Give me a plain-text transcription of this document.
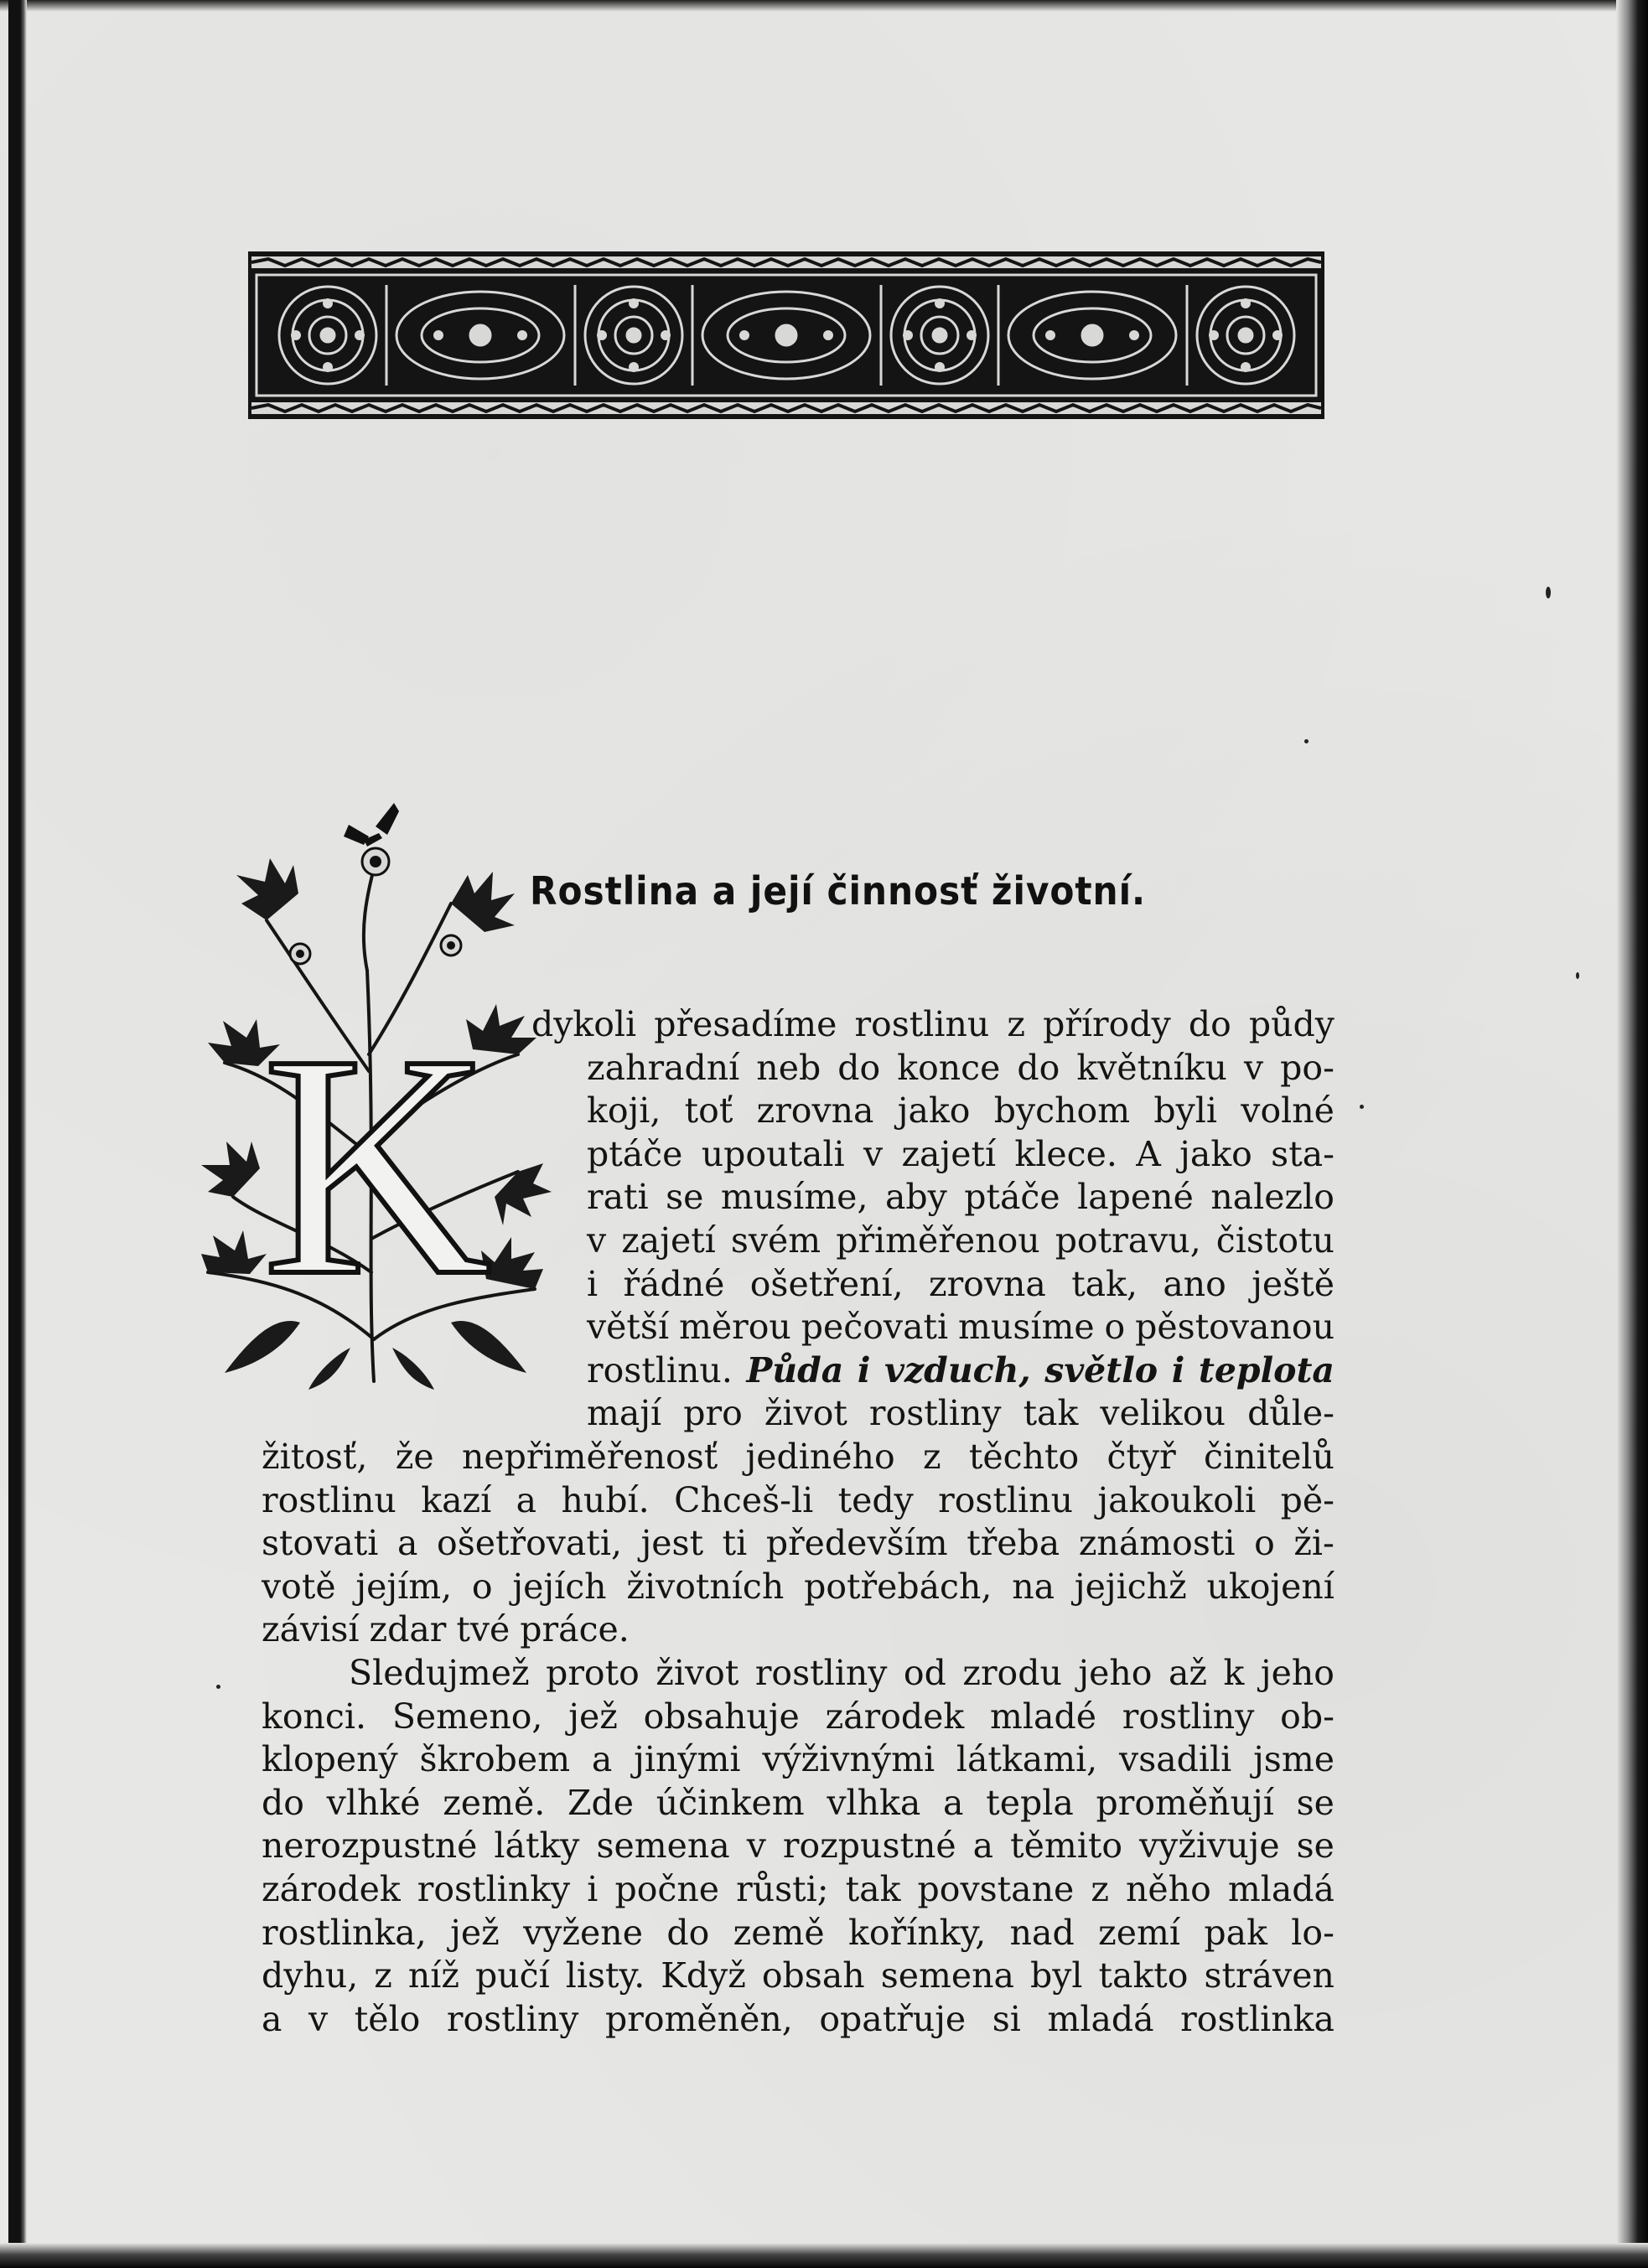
K
Rostlina a její činnosť životní.
dykoli přesadíme rostlinu z přírody do půdy
zahradní neb do konce do květníku v po-
koji, toť zrovna jako bychom byli volné
ptáče upoutali v zajetí klece. A jako sta-
rati se musíme, aby ptáče lapené nalezlo
v zajetí svém přiměřenou potravu, čistotu
i řádné ošetření, zrovna tak, ano ještě
větší měrou pečovati musíme o pěstovanou
rostlinu. Půda i vzduch, světlo i teplota
mají pro život rostliny tak velikou důle-
žitosť, že nepřiměřenosť jediného z těchto čtyř činitelů
rostlinu kazí a hubí. Chceš-li tedy rostlinu jakoukoli pě-
stovati a ošetřovati, jest ti především třeba známosti o ži-
votě jejím, o jejích životních potřebách, na jejichž ukojení
závisí zdar tvé práce.
Sledujmež proto život rostliny od zrodu jeho až k jeho
konci. Semeno, jež obsahuje zárodek mladé rostliny ob-
klopený škrobem a jinými výživnými látkami, vsadili jsme
do vlhké země. Zde účinkem vlhka a tepla proměňují se
nerozpustné látky semena v rozpustné a těmito vyživuje se
zárodek rostlinky i počne růsti; tak povstane z něho mladá
rostlinka, jež vyžene do země kořínky, nad zemí pak lo-
dyhu, z níž pučí listy. Když obsah semena byl takto stráven
a v tělo rostliny proměněn, opatřuje si mladá rostlinka
